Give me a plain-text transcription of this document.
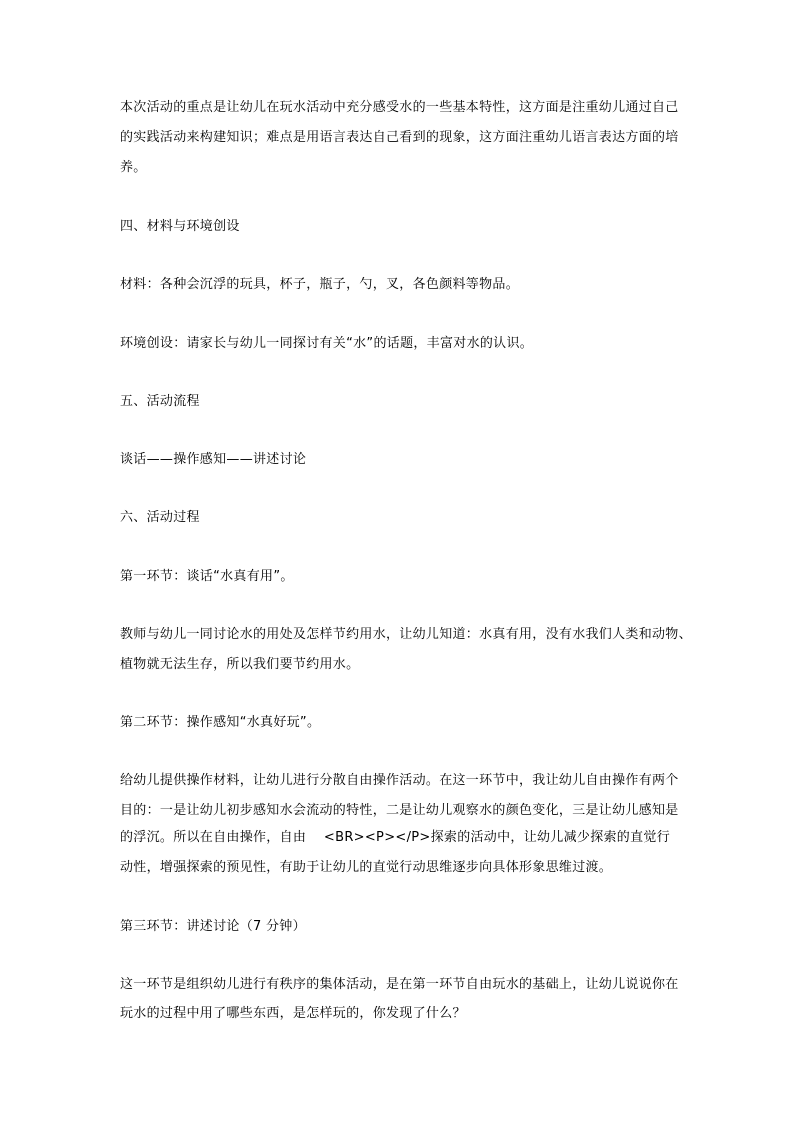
本次活动的重点是让幼儿在玩水活动中充分感受水的一些基本特性，这方面是注重幼儿通过自己
的实践活动来构建知识；难点是用语言表达自己看到的现象，这方面注重幼儿语言表达方面的培
养。
四、材料与环境创设
材料：各种会沉浮的玩具，杯子，瓶子，勺，叉，各色颜料等物品。
环境创设：请家长与幼儿一同探讨有关“水”的话题，丰富对水的认识。
五、活动流程
谈话——操作感知——讲述讨论
六、活动过程
第一环节：谈话“水真有用”。
教师与幼儿一同讨论水的用处及怎样节约用水，让幼儿知道：水真有用，没有水我们人类和动物、
植物就无法生存，所以我们要节约用水。
第二环节：操作感知“水真好玩”。
给幼儿提供操作材料，让幼儿进行分散自由操作活动。在这一环节中，我让幼儿自由操作有两个
目的：一是让幼儿初步感知水会流动的特性，二是让幼儿观察水的颜色变化，三是让幼儿感知是
的浮沉。所以在自由操作，自由　 <BR><P></P>探索的活动中，让幼儿减少探索的直觉行
动性，增强探索的预见性，有助于让幼儿的直觉行动思维逐步向具体形象思维过渡。
第三环节：讲述讨论（7 分钟）
这一环节是组织幼儿进行有秩序的集体活动，是在第一环节自由玩水的基础上，让幼儿说说你在
玩水的过程中用了哪些东西，是怎样玩的，你发现了什么？
